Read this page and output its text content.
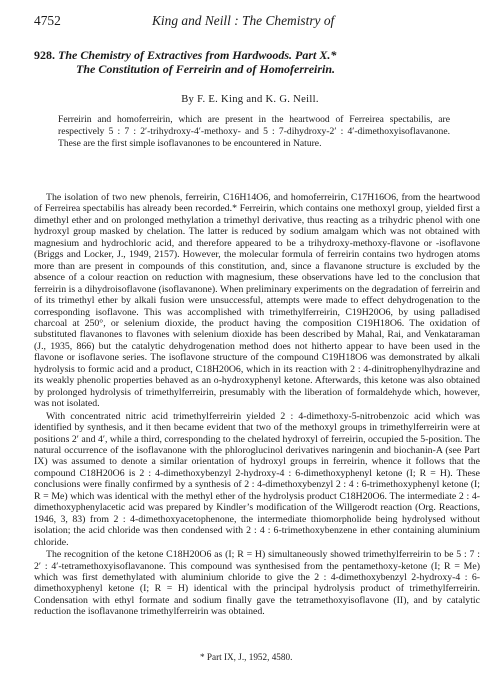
4752	King and Neill : The Chemistry of
928. The Chemistry of Extractives from Hardwoods. Part X.*
The Constitution of Ferreirin and of Homoferreirin.
By F. E. King and K. G. Neill.
Ferreirin and homoferreirin, which are present in the heartwood of Ferreirea spectabilis, are respectively 5 : 7 : 2′-trihydroxy-4′-methoxy- and 5 : 7-dihydroxy-2′ : 4′-dimethoxyisoflavanone. These are the first simple isoflavanones to be encountered in Nature.

The isolation of two new phenols, ferreirin, C16H14O6, and homoferreirin, C17H16O6, from the heartwood of Ferreirea spectabilis has already been recorded.* Ferreirin, which contains one methoxyl group, yielded first a dimethyl ether and on prolonged methylation a trimethyl derivative, thus reacting as a trihydric phenol with one hydroxyl group masked by chelation. The latter is reduced by sodium amalgam which was not obtained with magnesium and hydrochloric acid, and therefore appeared to be a trihydroxy-methoxy-flavone or -isoflavone (Briggs and Locker, J., 1949, 2157). However, the molecular formula of ferreirin contains two hydrogen atoms more than are present in compounds of this constitution, and, since a flavanone structure is excluded by the absence of a colour reaction on reduction with magnesium, these observations have led to the conclusion that ferreirin is a dihydroisoflavone (isoflavanone). When preliminary experiments on the degradation of ferreirin and of its trimethyl ether by alkali fusion were unsuccessful, attempts were made to effect dehydrogenation to the corresponding isoflavone. This was accomplished with trimethylferreirin, C19H20O6, by using palladised charcoal at 250°, or selenium dioxide, the product having the composition C19H18O6. The oxidation of substituted flavanones to flavones with selenium dioxide has been described by Mahal, Rai, and Venkataraman (J., 1935, 866) but the catalytic dehydrogenation method does not hitherto appear to have been used in the flavone or isoflavone series. The isoflavone structure of the compound C19H18O6 was demonstrated by alkali hydrolysis to formic acid and a product, C18H20O6, which in its reaction with 2 : 4-dinitrophenylhydrazine and its weakly phenolic properties behaved as an o-hydroxyphenyl ketone. Afterwards, this ketone was also obtained by prolonged hydrolysis of trimethylferreirin, presumably with the liberation of formaldehyde which, however, was not isolated.

With concentrated nitric acid trimethylferreirin yielded 2 : 4-dimethoxy-5-nitrobenzoic acid which was identified by synthesis, and it then became evident that two of the methoxyl groups in trimethylferreirin were at positions 2′ and 4′, while a third, corresponding to the chelated hydroxyl of ferreirin, occupied the 5-position. The natural occurrence of the isoflavanone with the phloroglucinol derivatives naringenin and biochanin-A (see Part IX) was assumed to denote a similar orientation of hydroxyl groups in ferreirin, whence it follows that the compound C18H20O6 is 2 : 4-dimethoxybenzyl 2-hydroxy-4 : 6-dimethoxyphenyl ketone (I; R = H). These conclusions were finally confirmed by a synthesis of 2 : 4-dimethoxybenzyl 2 : 4 : 6-trimethoxyphenyl ketone (I; R = Me) which was identical with the methyl ether of the hydrolysis product C18H20O6. The intermediate 2 : 4-dimethoxyphenylacetic acid was prepared by Kindler’s modification of the Willgerodt reaction (Org. Reactions, 1946, 3, 83) from 2 : 4-dimethoxyacetophenone, the intermediate thiomorpholide being hydrolysed without isolation; the acid chloride was then condensed with 2 : 4 : 6-trimethoxybenzene in ether containing aluminium chloride.

The recognition of the ketone C18H20O6 as (I; R = H) simultaneously showed trimethylferreirin to be 5 : 7 : 2′ : 4′-tetramethoxyisoflavanone. This compound was synthesised from the pentamethoxy-ketone (I; R = Me) which was first demethylated with aluminium chloride to give the 2 : 4-dimethoxybenzyl 2-hydroxy-4 : 6-dimethoxyphenyl ketone (I; R = H) identical with the principal hydrolysis product of trimethylferreirin. Condensation with ethyl formate and sodium finally gave the tetramethoxyisoflavone (II), and by catalytic reduction the isoflavanone trimethylferreirin was obtained.

* Part IX, J., 1952, 4580.
